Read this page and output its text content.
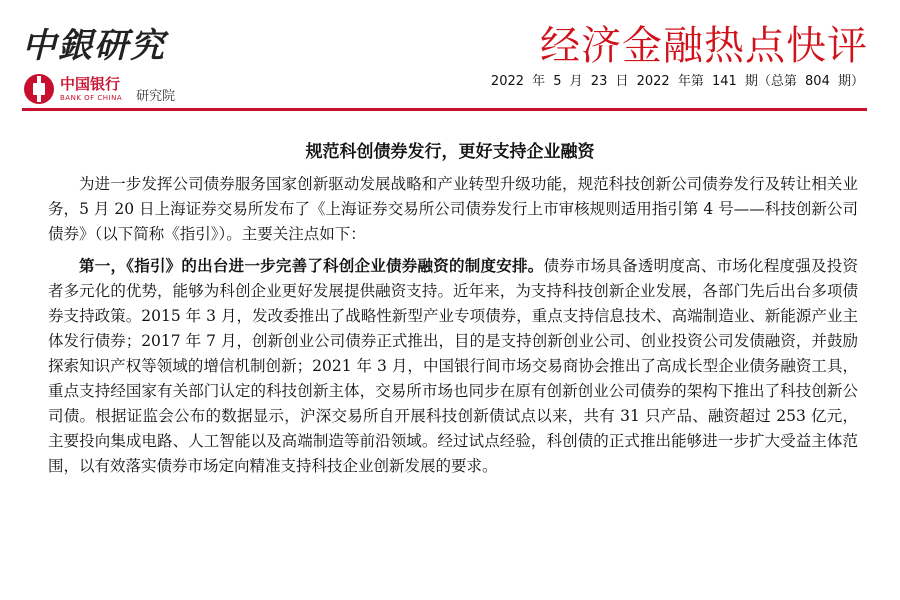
中銀研究
中国银行
BANK OF CHINA 研究院
经济金融热点快评
2022 年 5 月 23 日 2022 年第 141 期（总第 804 期）
规范科创债券发行，更好支持企业融资

为进一步发挥公司债券服务国家创新驱动发展战略和产业转型升级功能，规范科技创新公司债券发行及转让相关业务，5 月 20 日上海证券交易所发布了《上海证券交易所公司债券发行上市审核规则适用指引第 4 号——科技创新公司债券》（以下简称《指引》）。主要关注点如下：

第一，《指引》的出台进一步完善了科创企业债券融资的制度安排。债券市场具备透明度高、市场化程度强及投资者多元化的优势，能够为科创企业更好发展提供融资支持。近年来，为支持科技创新企业发展，各部门先后出台多项债券支持政策。2015 年 3 月，发改委推出了战略性新型产业专项债券，重点支持信息技术、高端制造业、新能源产业主体发行债券；2017 年 7 月，创新创业公司债券正式推出，目的是支持创新创业公司、创业投资公司发债融资，并鼓励探索知识产权等领域的增信机制创新；2021 年 3 月，中国银行间市场交易商协会推出了高成长型企业债务融资工具，重点支持经国家有关部门认定的科技创新主体，交易所市场也同步在原有创新创业公司债券的架构下推出了科技创新公司债。根据证监会公布的数据显示，沪深交易所自开展科技创新债试点以来，共有 31 只产品、融资超过 253 亿元，主要投向集成电路、人工智能以及高端制造等前沿领域。经过试点经验，科创债的正式推出能够进一步扩大受益主体范围，以有效落实债券市场定向精准支持科技企业创新发展的要求。
